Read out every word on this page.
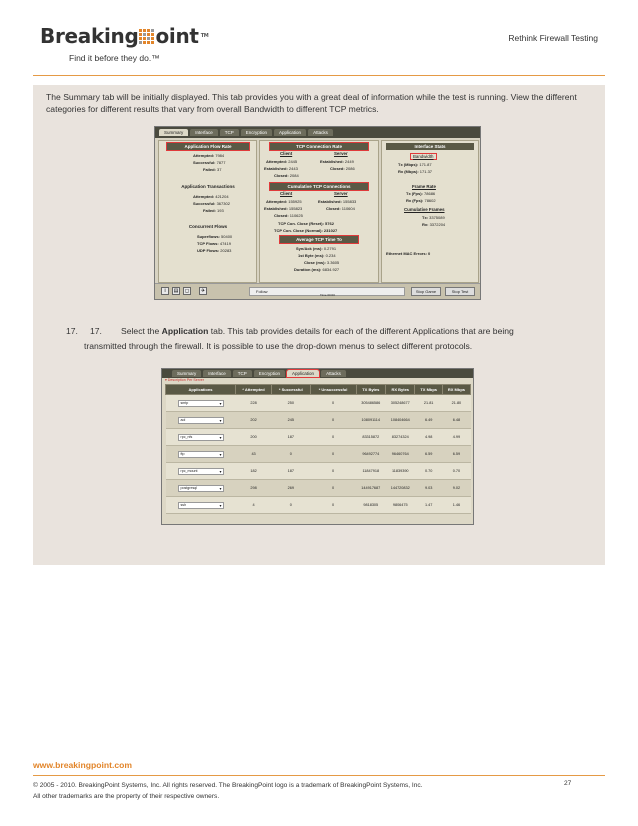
Breaking oint TM
Find it before they do.™
Rethink Firewall Testing
The Summary tab will be initially displayed. This tab provides you with a great deal of information while the test is running. View the different categories for different results that vary from overall Bandwidth to different TCP metrics.
Summary	Interface	TCP	Encryption	Application	Attacks
Application Flow Rate
Attempted: 7984
Successful: 7877
Failed: 37
Application Transactions
Attempted: 421204
Successful: 367302
Failed: 193
Concurrent Flows
Superflows: 50400
TCP Flows: 47419
UDP Flows: 20283
TCP Connection Rate
Client	Server
Attempted: 2445
Established: 2443
Closed: 2084
Established: 2449
Closed: 2086
Cumulative TCP Connections
Client	Server
Attempted: 155925
Established: 155823
Closed: 110625
Established: 155833
Closed: 110604
TCP Con. Close (Reset): 5762
TCP Con. Close (Normal): 231027
Average TCP Time To
Syn/Ack (ms): 0.2791
1st Byte (ms): 0.234
Close (ms): 3.3605
Duration (ms): 6834.927
Interface Stats
Bandwidth
Tx (Mbps): 171.87
Rx (Mbps): 171.37
Frame Rate
Tx (Fps): 78686
Rx (Fps): 78602
Cumulative Frames
Tx: 3375089
Rx: 3372204
Ethernet MAC Errors: 0
i	▤	◻	✈	Follow
Time 00:00
Stop Game	Stop Test
17. 17. Select the Application tab. This tab provides details for each of the different Applications that are being
transmitted through the firewall. It is possible to use the drop-down menus to select different protocols.
Summary	Interface	TCP	Encryption	Application	Attacks
▾ Description Per Server
Applications	* Attempted	* Successful	* Unsuccessful	TX Bytes	RX Bytes	TX Mbps	RX Mbps
smtp ▾	228	250	0	305486586	305248677	21.81	21.80
aol ▾	202	245	0	108091114	108404664	6.49	6.48
rpc_nfs ▾	200	187	0	83315872	83274324	4.98	4.99
ftp ▾	43	0	0	96492774	96460764	6.59	6.59
rpc_mount ▾	182	187	0	11847918	11839390	0.70	0.70
postgresql ▾	298	269	0	144917687	144720832	9.03	9.02
ssh ▾	4	0	0	9818305	9806475	1.47	1.46
www.breakingpoint.com
© 2005 - 2010. BreakingPoint Systems, Inc. All rights reserved. The BreakingPoint logo is a trademark of BreakingPoint Systems, Inc.
All other trademarks are the property of their respective owners.
27
